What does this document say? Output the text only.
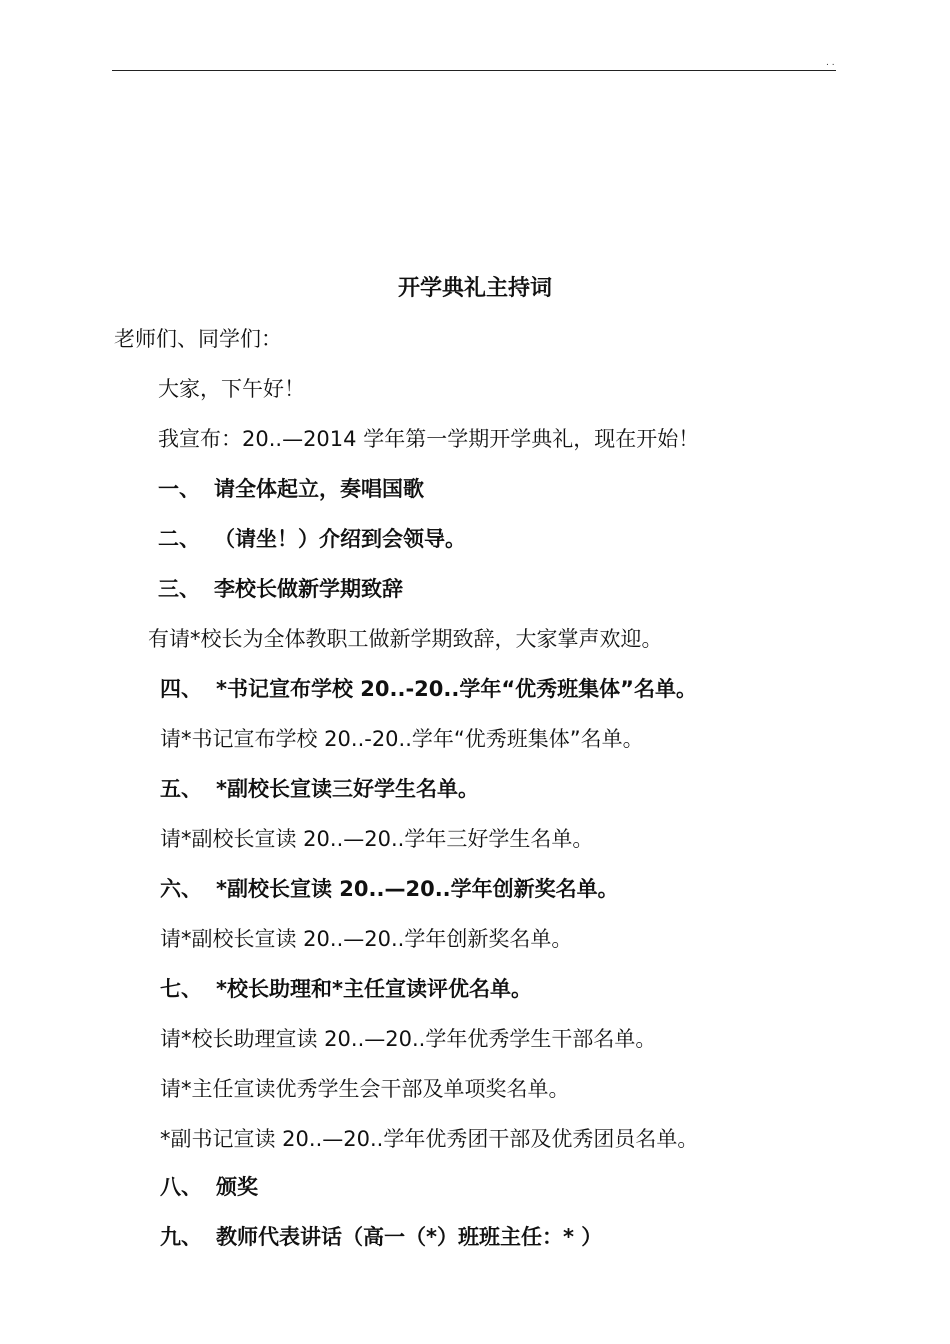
. .
开学典礼主持词
老师们、同学们：
大家，下午好！
我宣布：20..—2014 学年第一学期开学典礼，现在开始！
一、 请全体起立，奏唱国歌
二、 （请坐！）介绍到会领导。
三、 李校长做新学期致辞
有请*校长为全体教职工做新学期致辞，大家掌声欢迎。
四、 *书记宣布学校 20..-20..学年“优秀班集体”名单。
请*书记宣布学校 20..-20..学年“优秀班集体”名单。
五、 *副校长宣读三好学生名单。
请*副校长宣读 20..—20..学年三好学生名单。
六、 *副校长宣读 20..—20..学年创新奖名单。
请*副校长宣读 20..—20..学年创新奖名单。
七、 *校长助理和*主任宣读评优名单。
请*校长助理宣读 20..—20..学年优秀学生干部名单。
请*主任宣读优秀学生会干部及单项奖名单。
*副书记宣读 20..—20..学年优秀团干部及优秀团员名单。
八、 颁奖
九、 教师代表讲话（高一（*）班班主任：* ）
